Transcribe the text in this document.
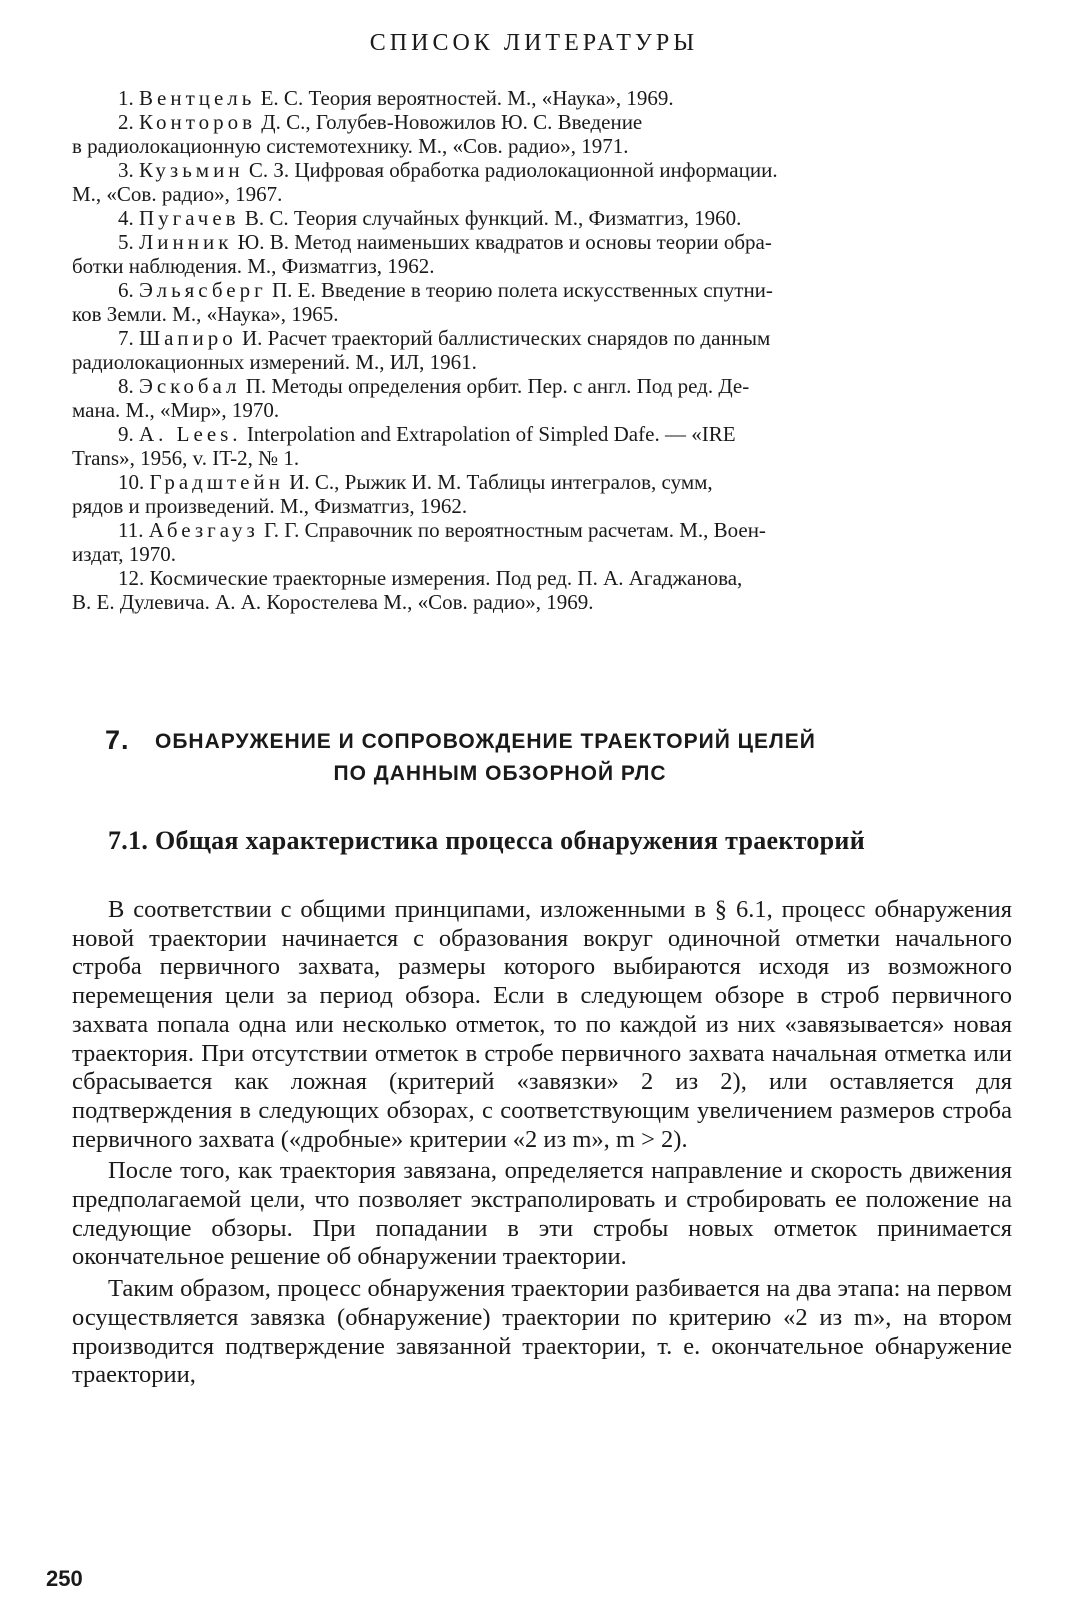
СПИСОК ЛИТЕРАТУРЫ

1. Вентцель Е. С. Теория вероятностей. М., «Наука», 1969.

2. Конторов Д. С., Голубев-Новожилов Ю. С. Введение
в радиолокационную системотехнику. М., «Сов. радио», 1971.

3. Кузьмин С. З. Цифровая обработка радиолокационной информации.
М., «Сов. радио», 1967.

4. Пугачев В. С. Теория случайных функций. М., Физматгиз, 1960.

5. Линник Ю. В. Метод наименьших квадратов и основы теории обра-
ботки наблюдения. М., Физматгиз, 1962.

6. Эльясберг П. Е. Введение в теорию полета искусственных спутни-
ков Земли. М., «Наука», 1965.

7. Шапиро И. Расчет траекторий баллистических снарядов по данным
радиолокационных измерений. М., ИЛ, 1961.

8. Эскобал П. Методы определения орбит. Пер. с англ. Под ред. Де-
мана. М., «Мир», 1970.

9. A. Lees. Interpolation and Extrapolation of Simpled Dafe. — «IRE
Trans», 1956, v. IT-2, № 1.

10. Градштейн И. С., Рыжик И. М. Таблицы интегралов, сумм,
рядов и произведений. М., Физматгиз, 1962.

11. Абезгауз Г. Г. Справочник по вероятностным расчетам. М., Воен-
издат, 1970.

12. Космические траекторные измерения. Под ред. П. А. Агаджанова,
В. Е. Дулевича. А. А. Коростелева М., «Сов. радио», 1969.

7. ОБНАРУЖЕНИЕ И СОПРОВОЖДЕНИЕ ТРАЕКТОРИЙ ЦЕЛЕЙ
ПО ДАННЫМ ОБЗОРНОЙ РЛС
7.1. Общая характеристика процесса обнаружения траекторий

В соответствии с общими принципами, изложенными в § 6.1, процесс обнаружения новой траектории начинается с образования вокруг одиночной отметки начального строба первичного захвата, размеры которого выбираются исходя из возможного перемещения цели за период обзора. Если в следующем обзоре в строб первичного захвата попала одна или несколько отметок, то по каждой из них «завязывается» новая траектория. При отсутствии отметок в стробе первичного захвата начальная отметка или сбрасывается как ложная (критерий «завязки» 2 из 2), или оставляется для подтверждения в следующих обзорах, с соответствующим увеличением размеров строба первичного захвата («дробные» критерии «2 из m», m > 2).

После того, как траектория завязана, определяется направление и скорость движения предполагаемой цели, что позволяет экстраполировать и стробировать ее положение на следующие обзоры. При попадании в эти стробы новых отметок принимается окончательное решение об обнаружении траектории.

Таким образом, процесс обнаружения траектории разбивается на два этапа: на первом осуществляется завязка (обнаружение) траектории по критерию «2 из m», на втором производится подтверждение завязанной траектории, т. е. окончательное обнаружение траектории,

250
